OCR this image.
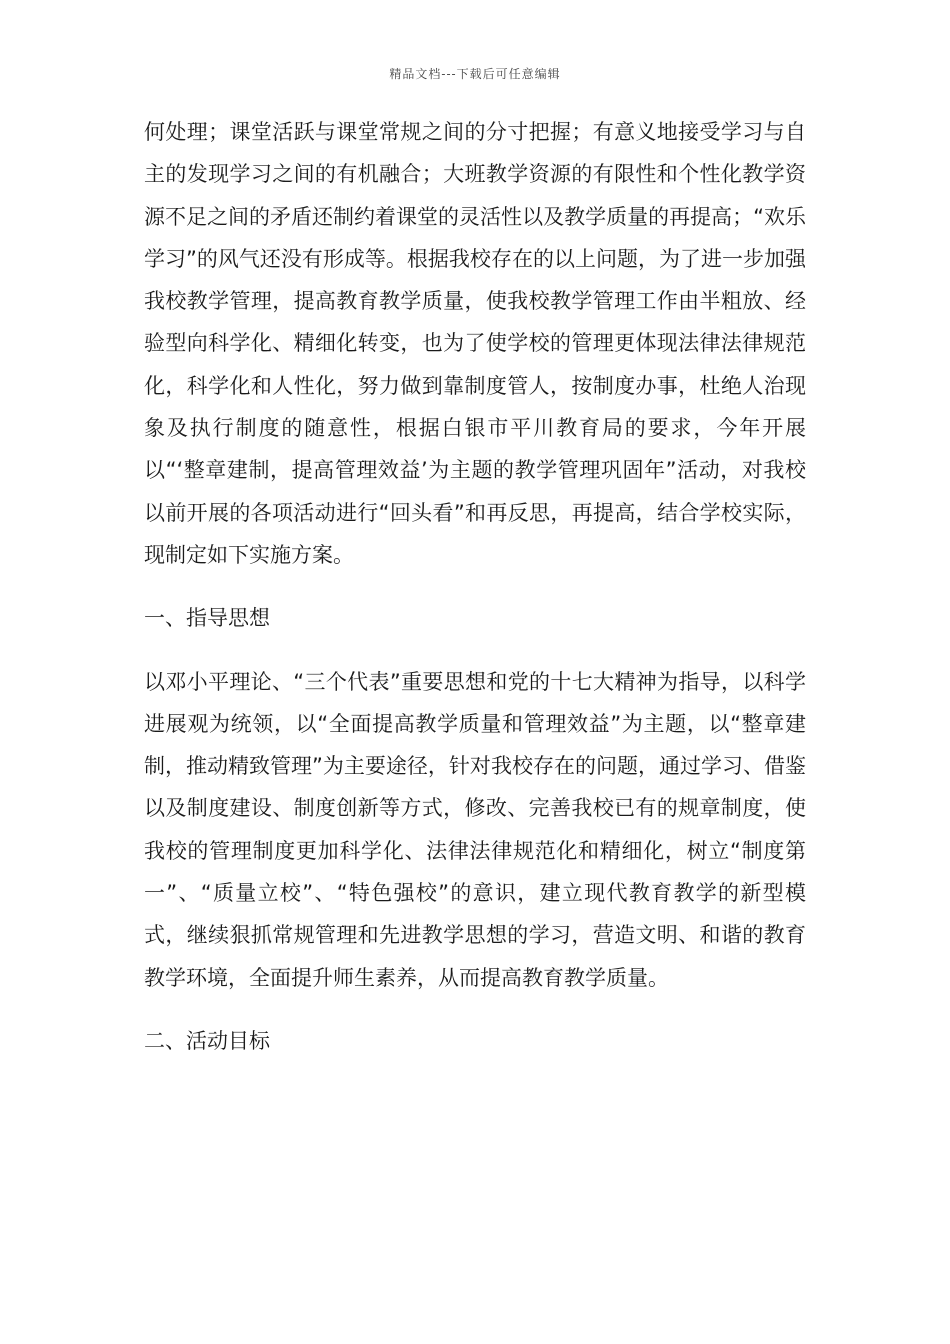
精品文档---下载后可任意编辑

何处理；课堂活跃与课堂常规之间的分寸把握；有意义地接受学习与自主的发现学习之间的有机融合；大班教学资源的有限性和个性化教学资源不足之间的矛盾还制约着课堂的灵活性以及教学质量的再提高；“欢乐学习”的风气还没有形成等。根据我校存在的以上问题，为了进一步加强我校教学管理，提高教育教学质量，使我校教学管理工作由半粗放、经验型向科学化、精细化转变，也为了使学校的管理更体现法律法律规范化，科学化和人性化，努力做到靠制度管人，按制度办事，杜绝人治现象及执行制度的随意性，根据白银市平川教育局的要求，今年开展以“‘整章建制，提高管理效益’为主题的教学管理巩固年”活动，对我校以前开展的各项活动进行“回头看”和再反思，再提高，结合学校实际，现制定如下实施方案。

一、指导思想

以邓小平理论、“三个代表”重要思想和党的十七大精神为指导，以科学进展观为统领，以“全面提高教学质量和管理效益”为主题，以“整章建制，推动精致管理”为主要途径，针对我校存在的问题，通过学习、借鉴以及制度建设、制度创新等方式，修改、完善我校已有的规章制度，使我校的管理制度更加科学化、法律法律规范化和精细化，树立“制度第一”、“质量立校”、“特色强校”的意识，建立现代教育教学的新型模式，继续狠抓常规管理和先进教学思想的学习，营造文明、和谐的教育教学环境，全面提升师生素养，从而提高教育教学质量。

二、活动目标
